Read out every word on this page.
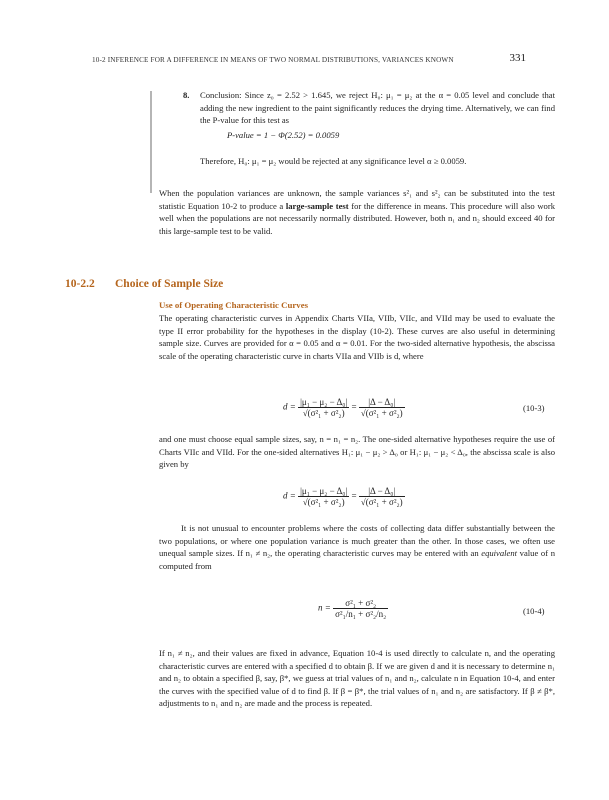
10-2 INFERENCE FOR A DIFFERENCE IN MEANS OF TWO NORMAL DISTRIBUTIONS, VARIANCES KNOWN	331
8. Conclusion: Since z₀ = 2.52 > 1.645, we reject H₀: μ₁ = μ₂ at the α = 0.05 level and conclude that adding the new ingredient to the paint significantly reduces the drying time. Alternatively, we can find the P-value for this test as
P-value = 1 − Φ(2.52) = 0.0059
Therefore, H₀: μ₁ = μ₂ would be rejected at any significance level α ≥ 0.0059.
When the population variances are unknown, the sample variances s²₁ and s²₂ can be substituted into the test statistic Equation 10-2 to produce a large-sample test for the difference in means. This procedure will also work well when the populations are not necessarily normally distributed. However, both n₁ and n₂ should exceed 40 for this large-sample test to be valid.
10-2.2 Choice of Sample Size
Use of Operating Characteristic Curves
The operating characteristic curves in Appendix Charts VIIa, VIIb, VIIc, and VIId may be used to evaluate the type II error probability for the hypotheses in the display (10-2). These curves are also useful in determining sample size. Curves are provided for α = 0.05 and α = 0.01. For the two-sided alternative hypothesis, the abscissa scale of the operating characteristic curve in charts VIIa and VIIb is d, where
$d = \frac{\text{|μ₁ − μ₂ − Δ₀|}}{\text{√(σ²₁ + σ²₂)}} = \frac{\text{|Δ − Δ₀|}}{\text{√(σ²₁ + σ²₂)}}$	(10-3)
and one must choose equal sample sizes, say, n = n₁ = n₂. The one-sided alternative hypotheses require the use of Charts VIIc and VIId. For the one-sided alternatives H₁: μ₁ − μ₂ > Δ₀ or H₁: μ₁ − μ₂ < Δ₀, the abscissa scale is also given by
$d = \frac{\text{|μ₁ − μ₂ − Δ₀|}}{\text{√(σ²₁ + σ²₂)}} = \frac{\text{|Δ − Δ₀|}}{\text{√(σ²₁ + σ²₂)}}$
It is not unusual to encounter problems where the costs of collecting data differ substantially between the two populations, or where one population variance is much greater than the other. In those cases, we often use unequal sample sizes. If n₁ ≠ n₂, the operating characteristic curves may be entered with an equivalent value of n computed from
$n = \frac{\text{σ²₁ + σ²₂}}{\text{σ²₁/n₁ + σ²₂/n₂}}$	(10-4)
If n₁ ≠ n₂, and their values are fixed in advance, Equation 10-4 is used directly to calculate n, and the operating characteristic curves are entered with a specified d to obtain β. If we are given d and it is necessary to determine n₁ and n₂ to obtain a specified β, say, β*, we guess at trial values of n₁ and n₂, calculate n in Equation 10-4, and enter the curves with the specified value of d to find β. If β = β*, the trial values of n₁ and n₂ are satisfactory. If β ≠ β*, adjustments to n₁ and n₂ are made and the process is repeated.
